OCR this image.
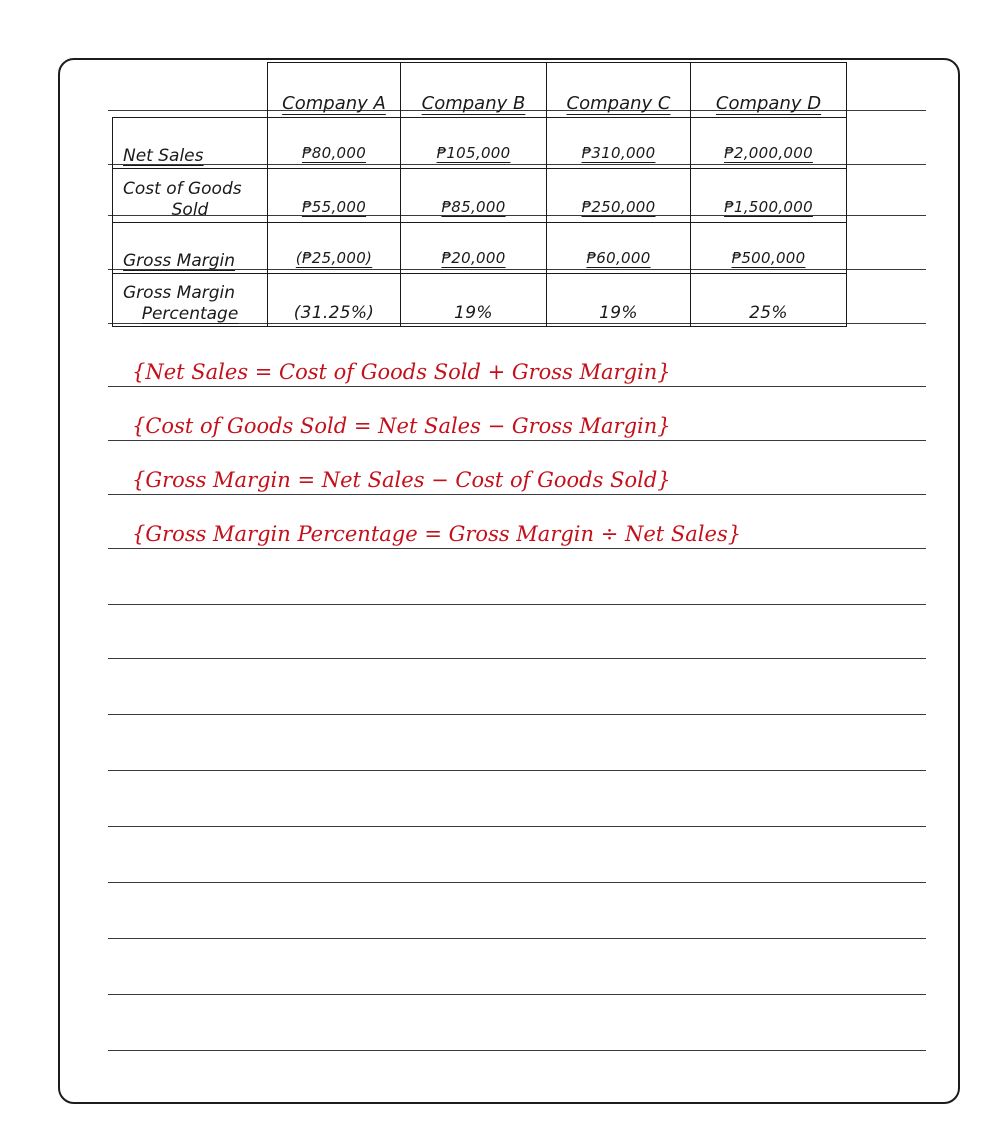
	Company A	Company B	Company C	Company D

Net Sales	₱80,000	₱105,000	₱310,000	₱2,000,000

Cost of Goods
Sold	₱55,000	₱85,000	₱250,000	₱1,500,000

Gross Margin	(₱25,000)	₱20,000	₱60,000	₱500,000

Gross Margin
Percentage	(31.25%)	19%	19%	25%
{Net Sales = Cost of Goods Sold + Gross Margin}
{Cost of Goods Sold = Net Sales − Gross Margin}
{Gross Margin = Net Sales − Cost of Goods Sold}
{Gross Margin Percentage = Gross Margin ÷ Net Sales}
